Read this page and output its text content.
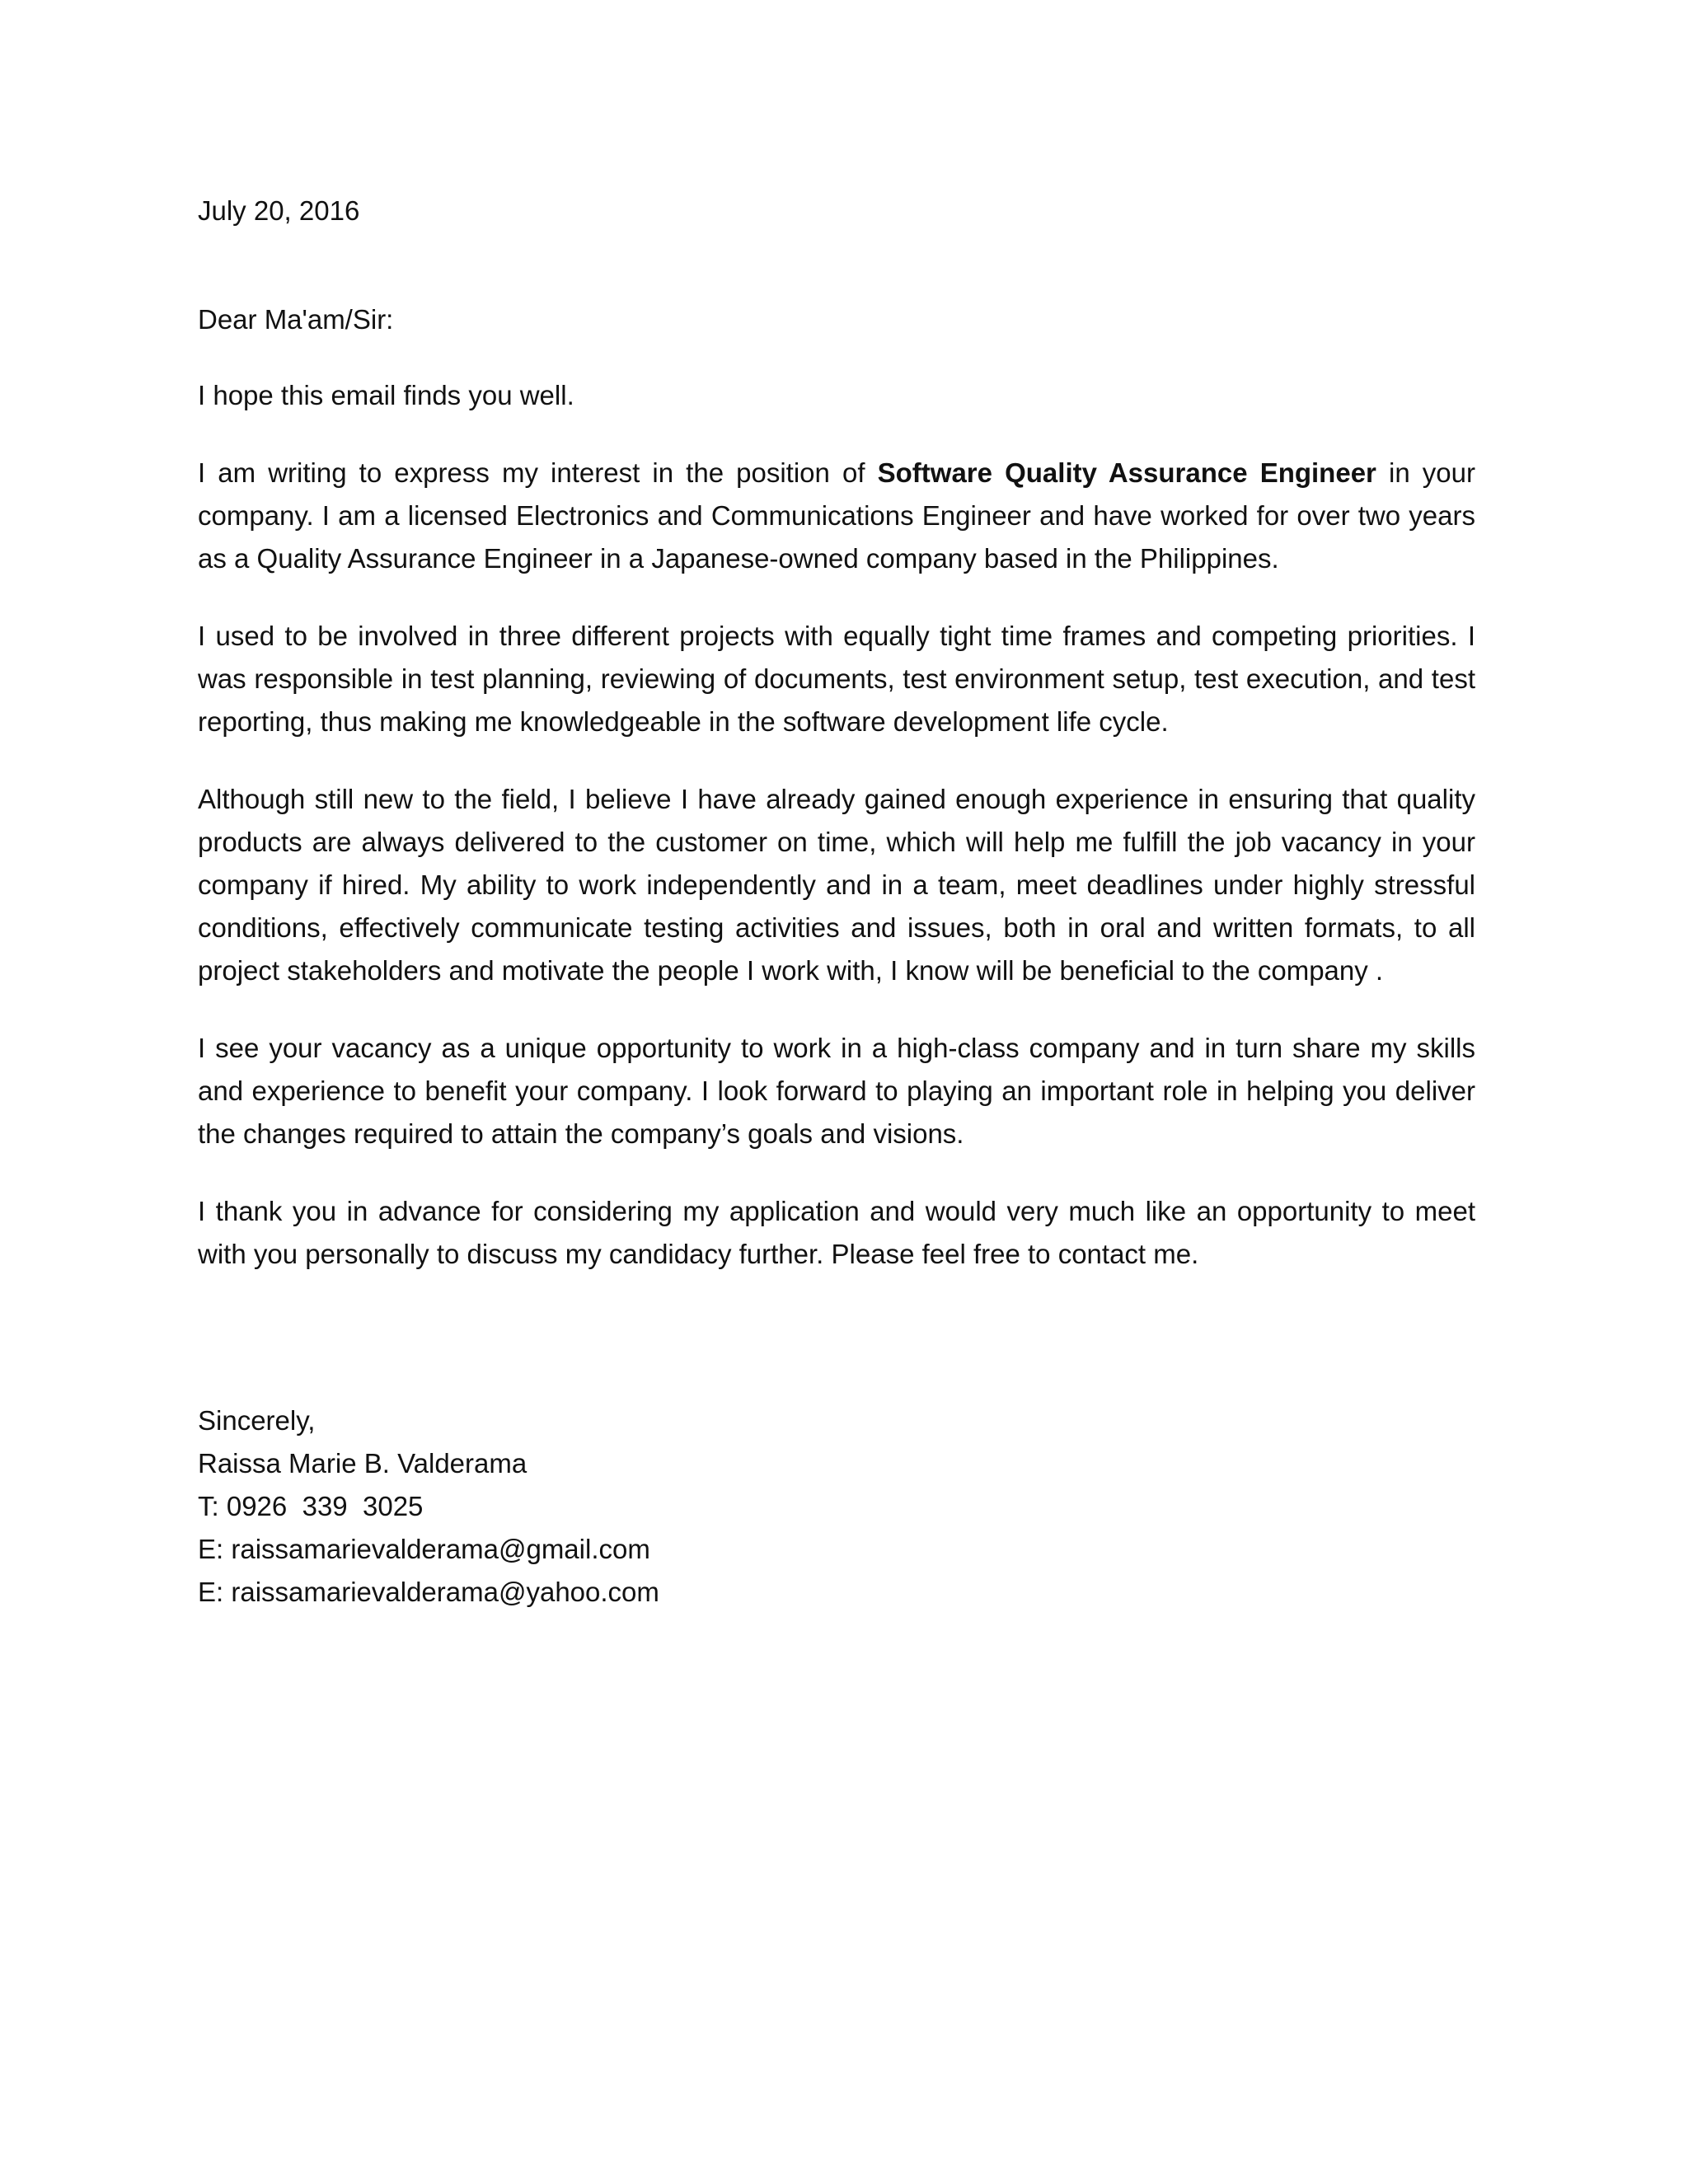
July 20, 2016

Dear Ma'am/Sir:

I hope this email finds you well.

I am writing to express my interest in the position of Software Quality Assurance Engineer in your company. I am a licensed Electronics and Communications Engineer and have worked for over two years as a Quality Assurance Engineer in a Japanese-owned company based in the Philippines.

I used to be involved in three different projects with equally tight time frames and competing priorities. I was responsible in test planning, reviewing of documents, test environment setup, test execution, and test reporting, thus making me knowledgeable in the software development life cycle.

Although still new to the field, I believe I have already gained enough experience in ensuring that quality products are always delivered to the customer on time, which will help me fulfill the job vacancy in your company if hired. My ability to work independently and in a team, meet deadlines under highly stressful conditions, effectively communicate testing activities and issues, both in oral and written formats, to all project stakeholders and motivate the people I work with, I know will be beneficial to the company .

I see your vacancy as a unique opportunity to work in a high-class company and in turn share my skills and experience to benefit your company. I look forward to playing an important role in helping you deliver the changes required to attain the company’s goals and visions.

I thank you in advance for considering my application and would very much like an opportunity to meet with you personally to discuss my candidacy further. Please feel free to contact me.

Sincerely,
Raissa Marie B. Valderama
T: 0926  339  3025
E: raissamarievalderama@gmail.com
E: raissamarievalderama@yahoo.com
